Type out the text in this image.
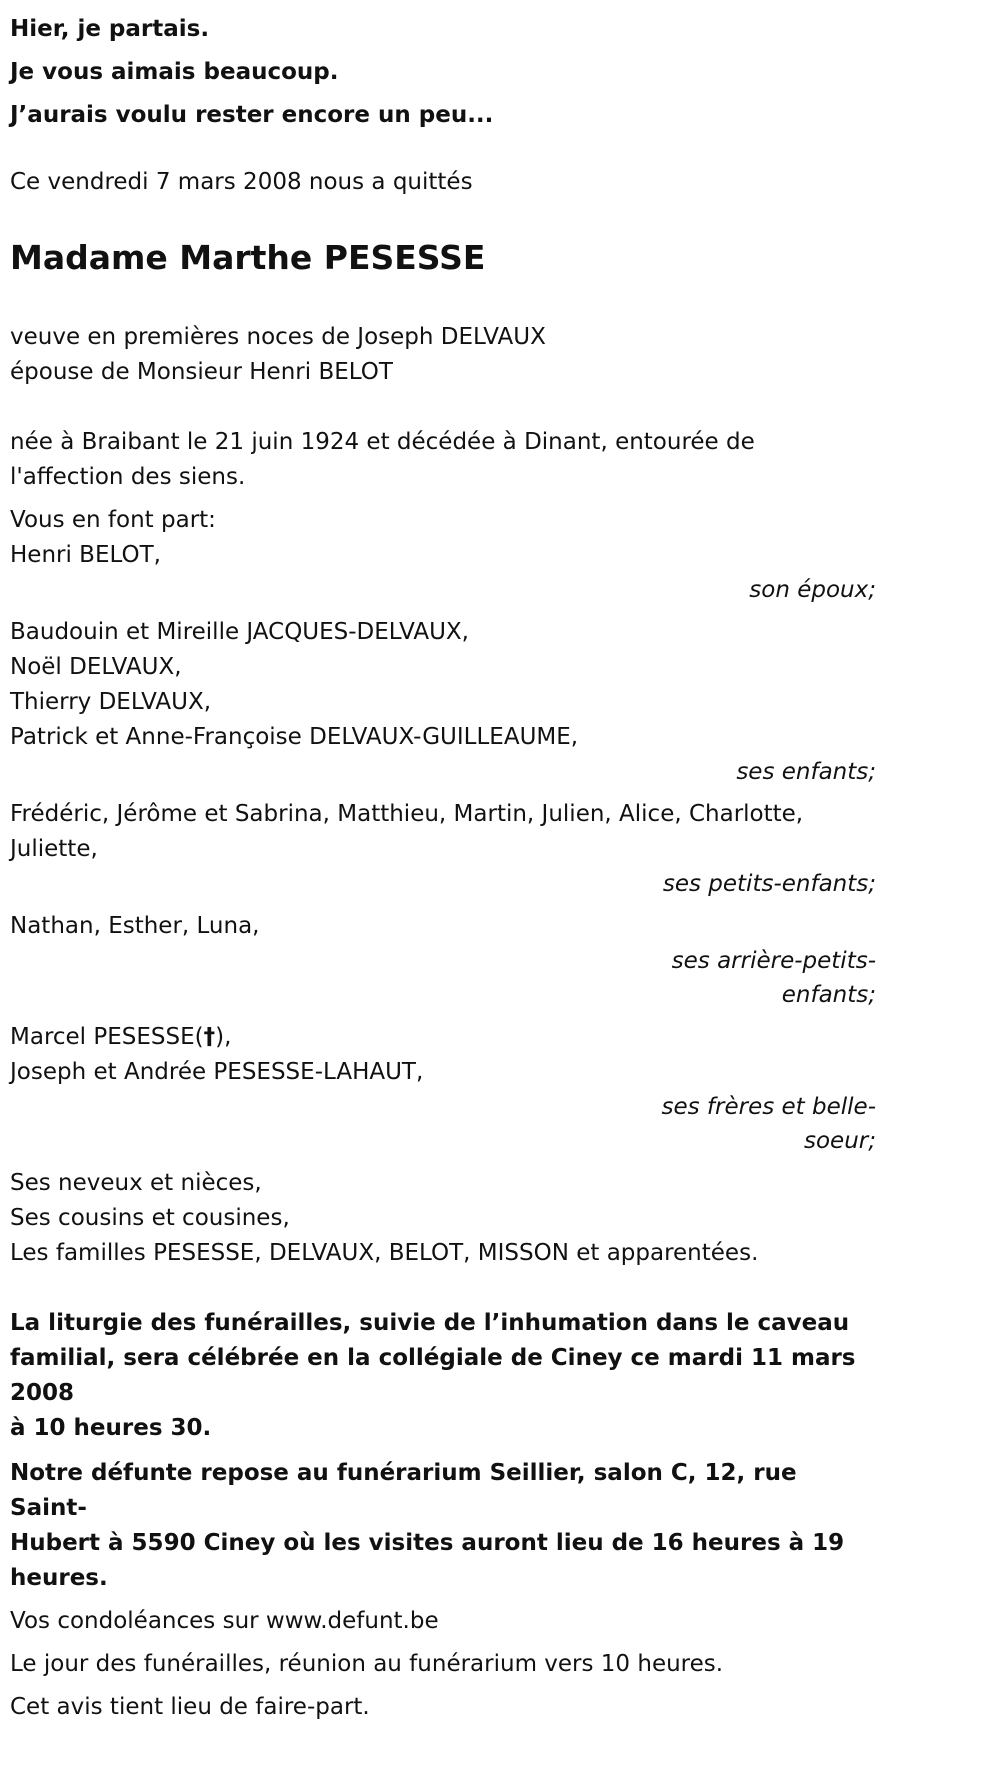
Hier, je partais.
Je vous aimais beaucoup.
J’aurais voulu rester encore un peu...
Ce vendredi 7 mars 2008 nous a quittés
Madame Marthe PESESSE
veuve en premières noces de Joseph DELVAUX
épouse de Monsieur Henri BELOT
née à Braibant le 21 juin 1924 et décédée à Dinant, entourée de
l'affection des siens.
Vous en font part:
Henri BELOT,
son époux;
Baudouin et Mireille JACQUES-DELVAUX,
Noël DELVAUX,
Thierry DELVAUX,
Patrick et Anne-Françoise DELVAUX-GUILLEAUME,
ses enfants;
Frédéric, Jérôme et Sabrina, Matthieu, Martin, Julien, Alice, Charlotte,
Juliette,
ses petits-enfants;
Nathan, Esther, Luna,
ses arrière-petits-
enfants;
Marcel PESESSE(†),
Joseph et Andrée PESESSE-LAHAUT,
ses frères et belle-
soeur;
Ses neveux et nièces,
Ses cousins et cousines,
Les familles PESESSE, DELVAUX, BELOT, MISSON et apparentées.
La liturgie des funérailles, suivie de l’inhumation dans le caveau
familial, sera célébrée en la collégiale de Ciney ce mardi 11 mars 2008
à 10 heures 30.
Notre défunte repose au funérarium Seillier, salon C, 12, rue Saint-
Hubert à 5590 Ciney où les visites auront lieu de 16 heures à 19
heures.
Vos condoléances sur www.defunt.be
Le jour des funérailles, réunion au funérarium vers 10 heures.
Cet avis tient lieu de faire-part.
